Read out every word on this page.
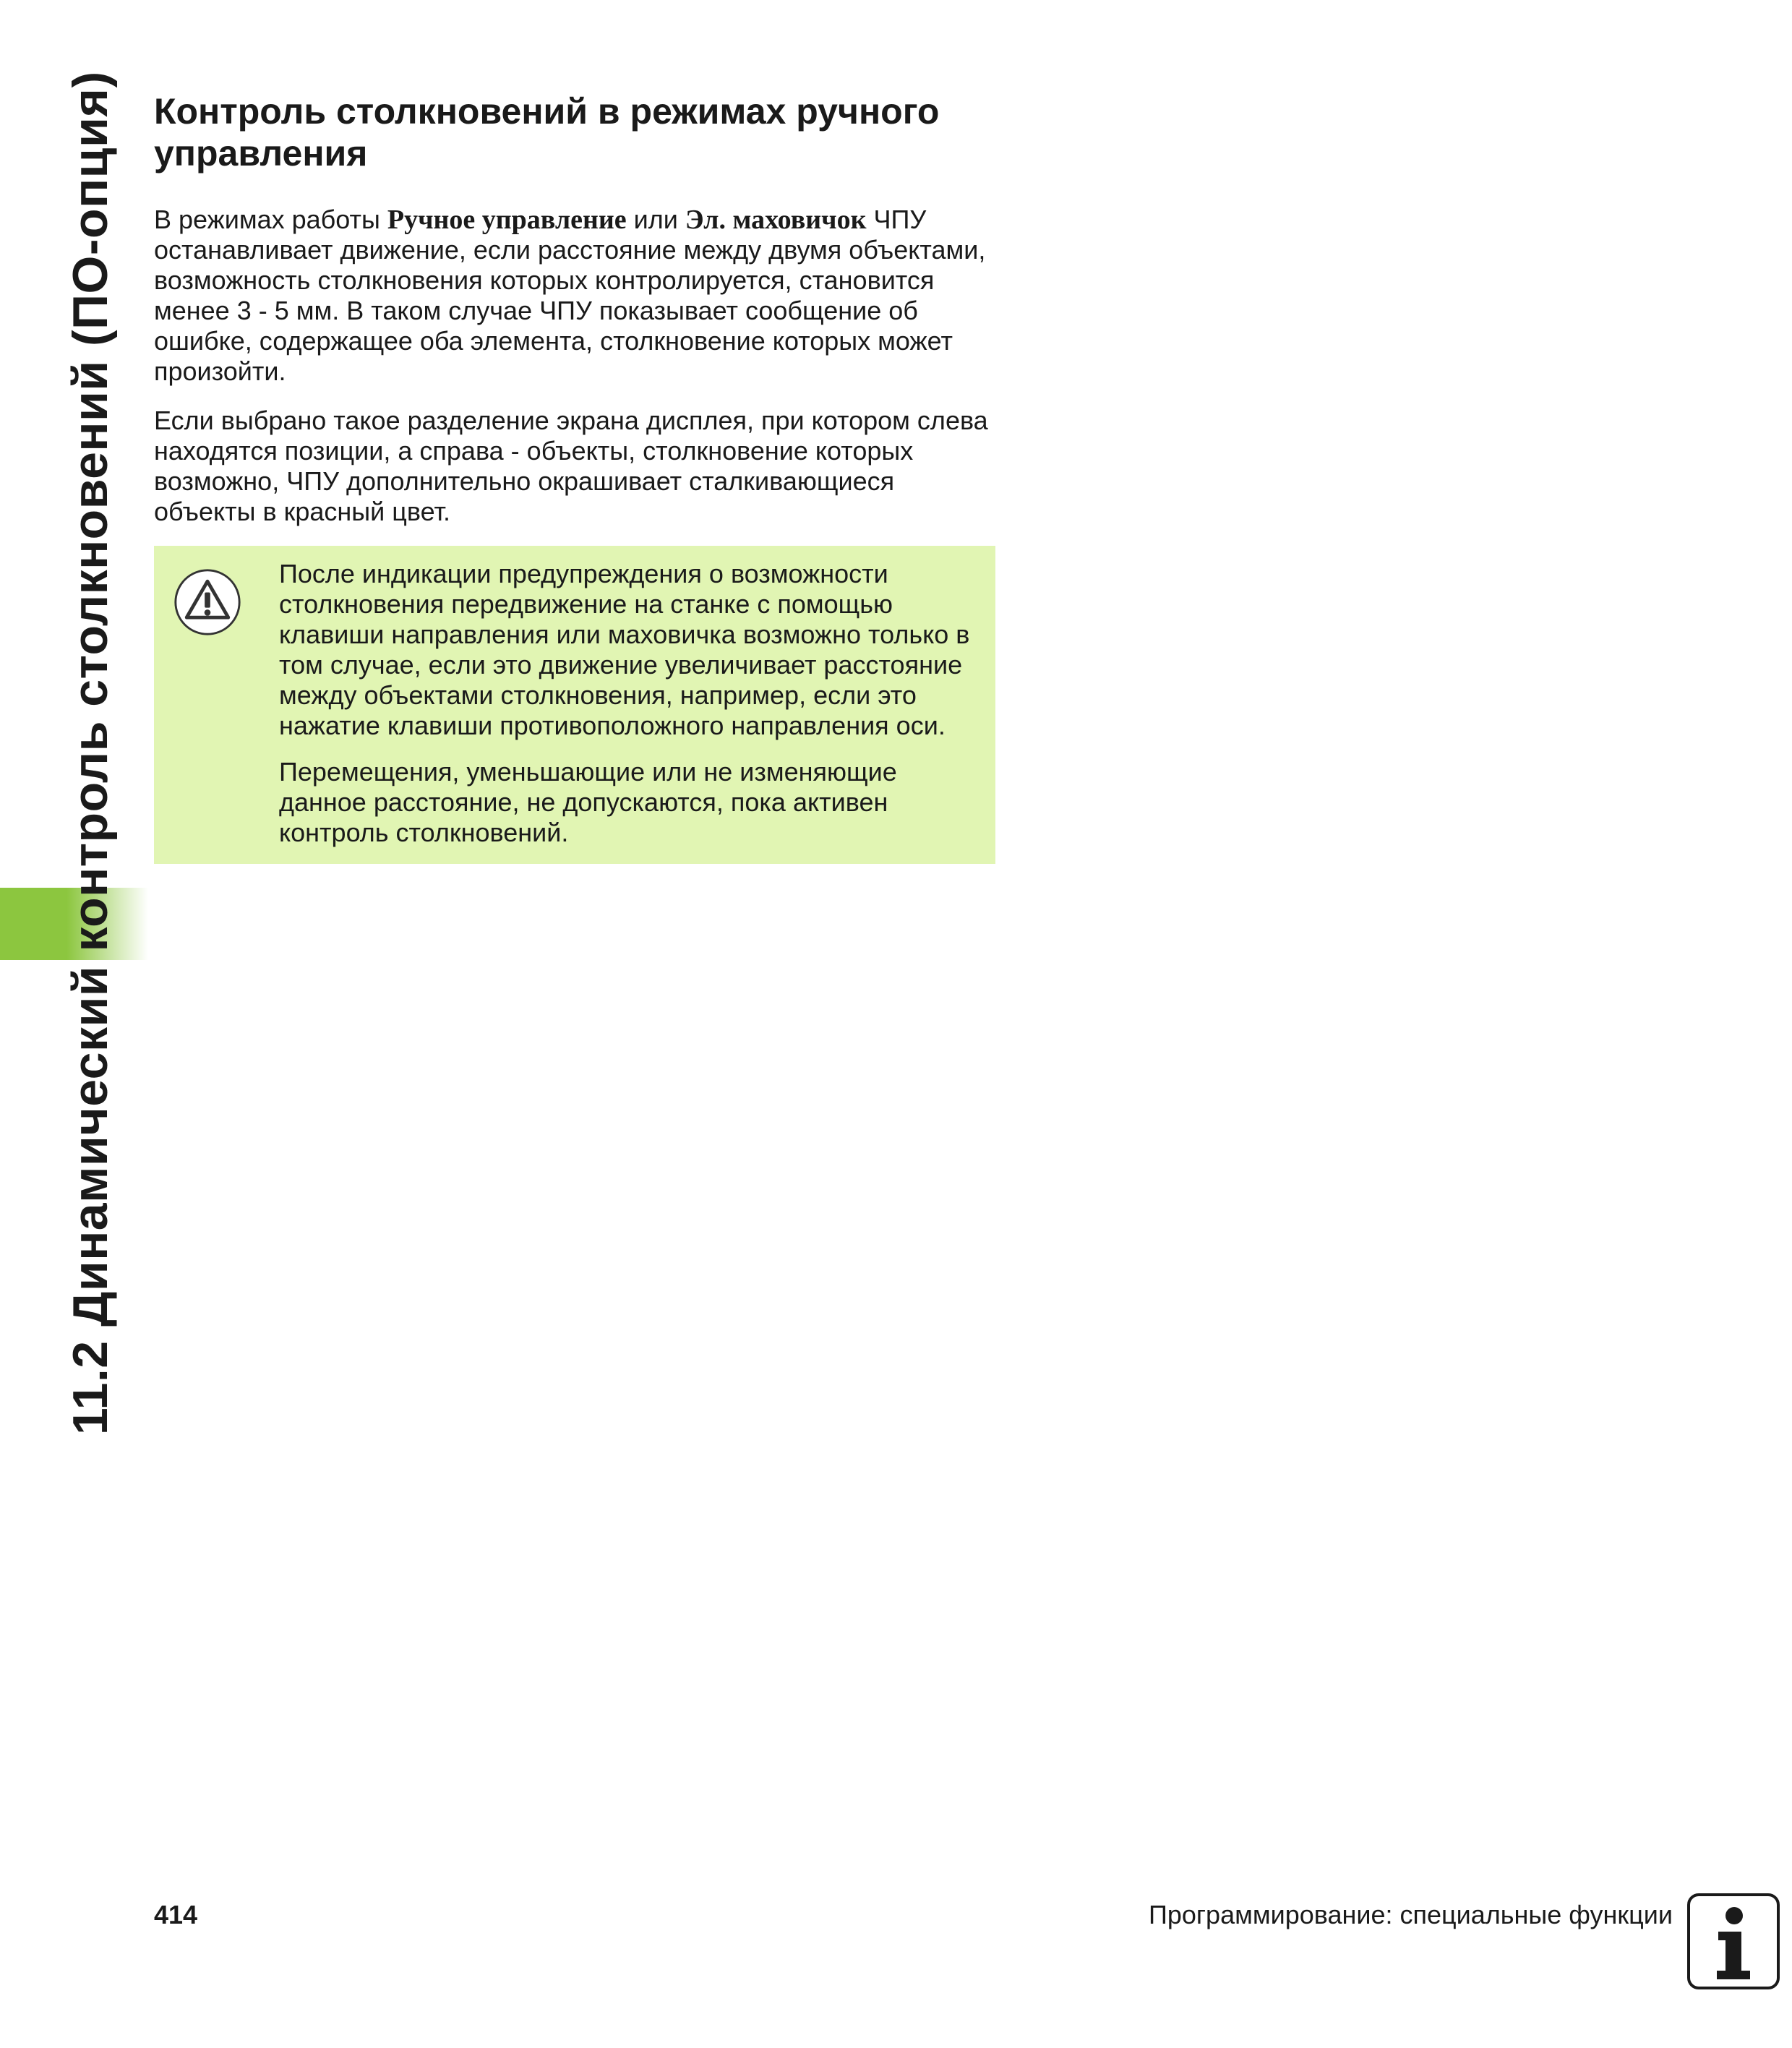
11.2 Динамический контроль столкновений (ПО-опция) Контроль столкновений в режимах ручного управления

В режимах работы Ручное управление или Эл. маховичок ЧПУ останавливает движение, если расстояние между двумя объектами, возможность столкновения которых контролируется, становится менее 3 - 5 мм. В таком случае ЧПУ показывает сообщение об ошибке, содержащее оба элемента, столкновение которых может произойти.

Если выбрано такое разделение экрана дисплея, при котором слева находятся позиции, а справа - объекты, столкновение которых возможно, ЧПУ дополнительно окрашивает сталкивающиеся объекты в красный цвет.

После индикации предупреждения о возможности столкновения передвижение на станке с помощью клавиши направления или маховичка возможно только в том случае, если это движение увеличивает расстояние между объектами столкновения, например, если это нажатие клавиши противоположного направления оси.

Перемещения, уменьшающие или не изменяющие данное расстояние, не допускаются, пока активен контроль столкновений.

414	Программирование: специальные функции
